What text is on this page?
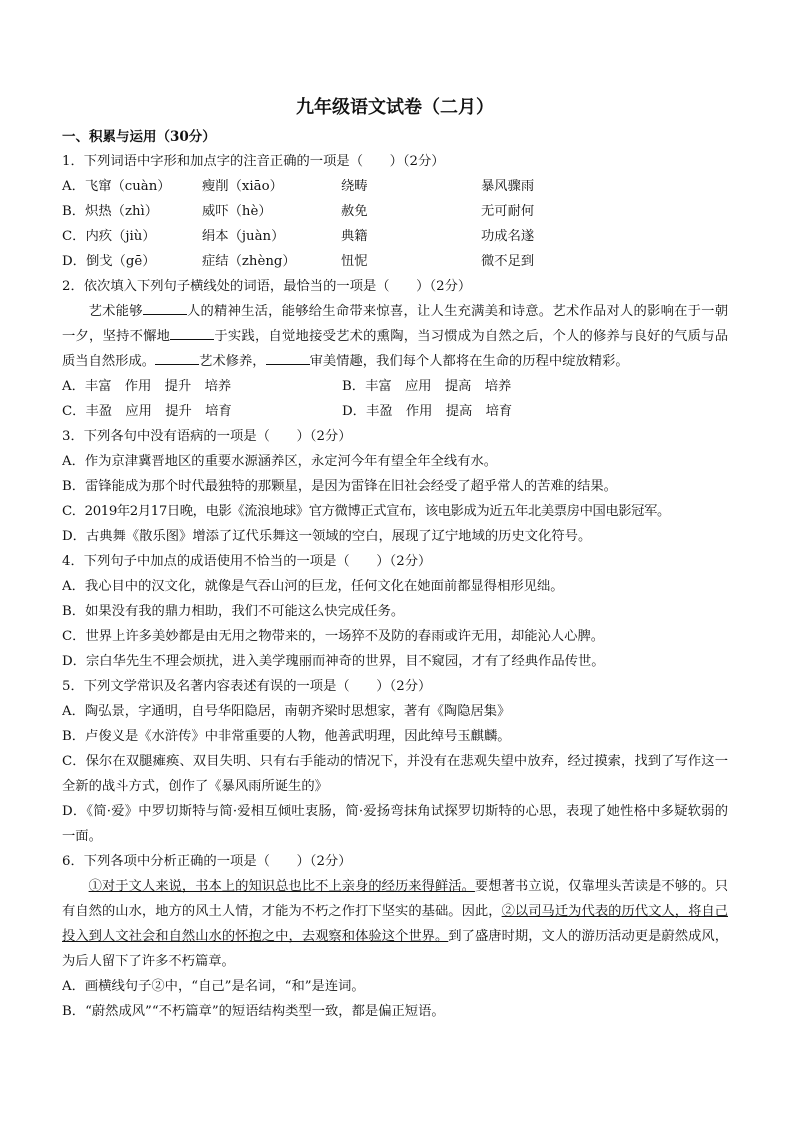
九年级语文试卷（二月）
一、积累与运用（30分）
1．下列词语中字形和加点字的注音正确的一项是（　　）（2分）
A．飞窜（cuàn）	瘦削（xiāo）	绕畴	暴风骤雨
B．炽热（zhì）	威吓（hè）	赦免	无可耐何
C．内疚（jiù）	绢本（juàn）	典籍	功成名遂
D．倒戈（gē）	症结（zhèng）	忸怩	微不足到
2．依次填入下列句子横线处的词语，最恰当的一项是（　　）（2分）
艺术能够	人的精神生活，能够给生命带来惊喜，让人生充满美和诗意。艺术作品对人的影响在于一朝一夕，坚持不懈地	于实践，自觉地接受艺术的熏陶，当习惯成为自然之后，个人的修养与良好的气质与品质当自然形成。	艺术修养，	审美情趣，我们每个人都将在生命的历程中绽放精彩。
A．丰富　作用　提升　培养	B．丰富　应用　提高　培养
C．丰盈　应用　提升　培育	D．丰盈　作用　提高　培育
3．下列各句中没有语病的一项是（　　）（2分）
A．作为京津冀晋地区的重要水源涵养区，永定河今年有望全年全线有水。
B．雷锋能成为那个时代最独特的那颗星，是因为雷锋在旧社会经受了超乎常人的苦难的结果。
C．2019年2月17日晚，电影《流浪地球》官方微博正式宣布，该电影成为近五年北美票房中国电影冠军。
D．古典舞《散乐图》增添了辽代乐舞这一领域的空白，展现了辽宁地域的历史文化符号。
4．下列句子中加点的成语使用不恰当的一项是（　　）（2分）
A．我心目中的汉文化，就像是气吞山河的巨龙，任何文化在她面前都显得相形见绌。
B．如果没有我的鼎力相助，我们不可能这么快完成任务。
C．世界上许多美妙都是由无用之物带来的，一场猝不及防的春雨或许无用，却能沁人心脾。
D．宗白华先生不理会烦扰，进入美学瑰丽而神奇的世界，目不窥园，才有了经典作品传世。
5．下列文学常识及名著内容表述有误的一项是（　　）（2分）
A．陶弘景，字通明，自号华阳隐居，南朝齐梁时思想家，著有《陶隐居集》
B．卢俊义是《水浒传》中非常重要的人物，他善武明理，因此绰号玉麒麟。
C．保尔在双腿瘫痪、双目失明、只有右手能动的情况下，并没有在悲观失望中放弃，经过摸索，找到了写作这一全新的战斗方式，创作了《暴风雨所诞生的》
D．《简·爱》中罗切斯特与简·爱相互倾吐衷肠，简·爱扬弯抹角试探罗切斯特的心思，表现了她性格中多疑软弱的一面。
6．下列各项中分析正确的一项是（　　）（2分）
①对于文人来说，书本上的知识总也比不上亲身的经历来得鲜活。要想著书立说，仅靠埋头苦读是不够的。只有自然的山水，地方的风土人情，才能为不朽之作打下坚实的基础。因此，②以司马迁为代表的历代文人，将自己投入到人文社会和自然山水的怀抱之中，去观察和体验这个世界。到了盛唐时期，文人的游历活动更是蔚然成风，为后人留下了许多不朽篇章。
A．画横线句子②中，“自己”是名词，“和”是连词。
B．“蔚然成风”“不朽篇章”的短语结构类型一致，都是偏正短语。
